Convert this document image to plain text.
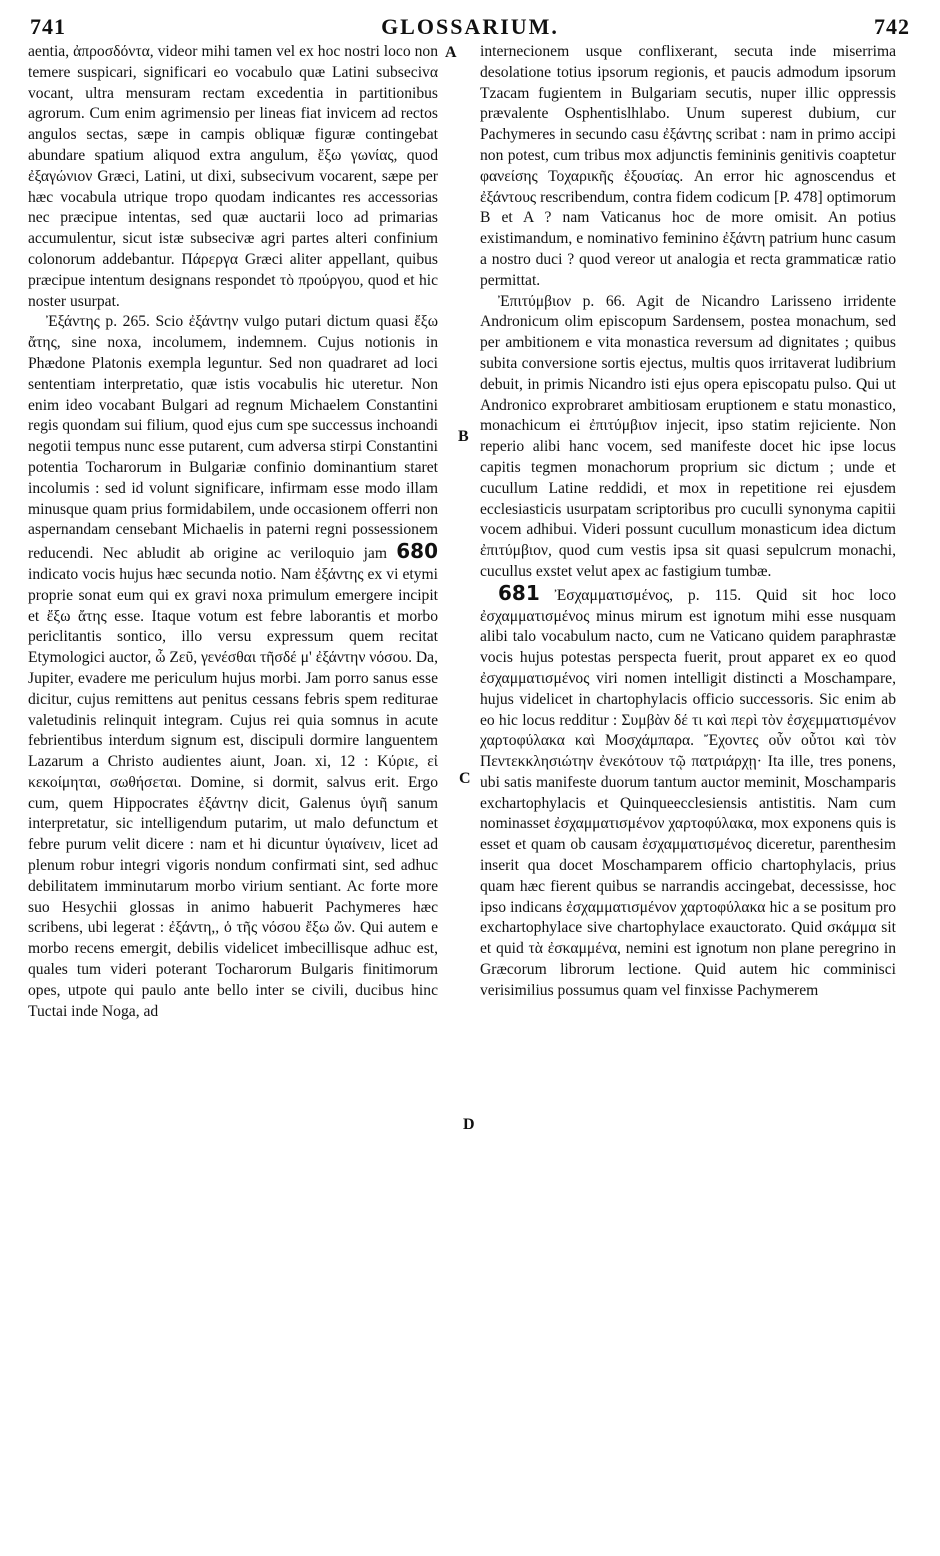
741	GLOSSARIUM.	742
A
B
C
D

aentia, ἀπροσδόντα, videor mihi tamen vel ex hoc nostri loco non temere suspicari, significari eo vocabulo quæ Latini subsecivα vocant, ultra mensuram rectam excedentia in partitionibus agrorum. Cum enim agrimensio per lineas fiat invicem ad rectos angulos sectas, sæpe in campis obliquæ figuræ contingebat abundare spatium aliquod extra angulum, ἔξω γωνίας, quod ἐξαγώνιον Græci, Latini, ut dixi, subsecivum vocarent, sæpe per hæc vocabula utrique tropo quodam indicantes res accessorias nec præcipue intentas, sed quæ auctarii loco ad primarias accumulentur, sicut istæ subsecivæ agri partes alteri confinium colonorum addebantur. Πάρεργα Græci aliter appellant, quibus præcipue intentum designans respondet τὸ προύργου, quod et hic noster usurpat.

Ἐξάντης p. 265. Scio ἐξάντην vulgo putari dictum quasi ἔξω ἄτης, sine noxa, incolumem, indemnem. Cujus notionis in Phædone Platonis exempla leguntur. Sed non quadraret ad loci sententiam interpretatio, quæ istis vocabulis hic uteretur. Non enim ideo vocabant Bulgari ad regnum Michaelem Constantini regis quondam sui filium, quod ejus cum spe successus inchoandi negotii tempus nunc esse putarent, cum adversa stirpi Constantini potentia Tocharorum in Bulgariæ confinio dominantium staret incolumis : sed id volunt significare, infirmam esse modo illam minusque quam prius formidabilem, unde occasionem offerri non aspernandam censebant Michaelis in paterni regni possessionem reducendi. Nec abludit ab origine ac veriloquio jam 680 indicato vocis hujus hæc secunda notio. Nam ἐξάντης ex vi etymi proprie sonat eum qui ex gravi noxa primulum emergere incipit et ἔξω ἄτης esse. Itaque votum est febre laborantis et morbo periclitantis sontico, illo versu expressum quem recitat Etymologici auctor, ὦ Ζεῦ, γενέσθαι τῆσδέ μ' ἐξάντην νόσου. Da, Jupiter, evadere me periculum hujus morbi. Jam porro sanus esse dicitur, cujus remittens aut penitus cessans febris spem rediturae valetudinis relinquit integram. Cujus rei quia somnus in acute febrientibus interdum signum est, discipuli dormire languentem Lazarum a Christo audientes aiunt, Joan. xi, 12 : Κύριε, εἰ κεκοίμηται, σωθήσεται. Domine, si dormit, salvus erit. Ergo cum, quem Hippocrates ἐξάντην dicit, Galenus ὑγιῆ sanum interpretatur, sic intelligendum putarim, ut malo defunctum et febre purum velit dicere : nam et hi dicuntur ὑγιαίνειν, licet ad plenum robur integri vigoris nondum confirmati sint, sed adhuc debilitatem imminutarum morbo virium sentiant. Ac forte more suo Hesychii glossas in animo habuerit Pachymeres hæc scribens, ubi legerat : ἐξάντη,, ὁ τῆς νόσου ἔξω ὤν. Qui autem e morbo recens emergit, debilis videlicet imbecillisque adhuc est, quales tum videri poterant Tocharorum Bulgaris finitimorum opes, utpote qui paulo ante bello inter se civili, ducibus hinc Tuctai inde Noga, ad

internecionem usque conflixerant, secuta inde miserrima desolatione totius ipsorum regionis, et paucis admodum ipsorum Tzacam fugientem in Bulgariam secutis, nuper illic oppressis prævalente Osphentislhlabo. Unum superest dubium, cur Pachymeres in secundo casu ἐξάντης scribat : nam in primo accipi non potest, cum tribus mox adjunctis femininis genitivis coaptetur φανείσης Τοχαρικῆς ἐξουσίας. An error hic agnoscendus et ἐξάντους rescribendum, contra fidem codicum [P. 478] optimorum B et A ? nam Vaticanus hoc de more omisit. An potius existimandum, e nominativo feminino ἐξάντη patrium hunc casum a nostro duci ? quod vereor ut analogia et recta grammaticæ ratio permittat.

Ἐπιτύμβιον p. 66. Agit de Nicandro Larisseno irridente Andronicum olim episcopum Sardensem, postea monachum, sed per ambitionem e vita monastica reversum ad dignitates ; quibus subita conversione sortis ejectus, multis quos irritaverat ludibrium debuit, in primis Nicandro isti ejus opera episcopatu pulso. Qui ut Andronico exprobraret ambitiosam eruptionem e statu monastico, monachicum ei ἐπιτύμβιον injecit, ipso statim rejiciente. Non reperio alibi hanc vocem, sed manifeste docet hic ipse locus capitis tegmen monachorum proprium sic dictum ; unde et cucullum Latine reddidi, et mox in repetitione rei ejusdem ecclesiasticis usurpatam scriptoribus pro cuculli synonyma capitii vocem adhibui. Videri possunt cucullum monasticum idea dictum ἐπιτύμβιον, quod cum vestis ipsa sit quasi sepulcrum monachi, cucullus exstet velut apex ac fastigium tumbæ.

681 Ἐσχαμματισμένος, p. 115. Quid sit hoc loco ἐσχαμματισμένος minus mirum est ignotum mihi esse nusquam alibi talo vocabulum nacto, cum ne Vaticano quidem paraphrastæ vocis hujus potestas perspecta fuerit, prout apparet ex eo quod ἐσχαμματισμένος viri nomen intelligit distincti a Moschampare, hujus videlicet in chartophylacis officio successoris. Sic enim ab eo hic locus redditur : Συμβὰν δέ τι καὶ περὶ τὸν ἐσχεμματισμένον χαρτοφύλακα καὶ Μοσχάμπαρα. Ἔχοντες οὖν οὗτοι καὶ τὸν Πεντεκκλησιώτην ἐνεκότουν τῷ πατριάρχῃ· Ita ille, tres ponens, ubi satis manifeste duorum tantum auctor meminit, Moschamparis exchartophylacis et Quinqueecclesiensis antistitis. Nam cum nominasset ἐσχαμματισμένον χαρτοφύλακα, mox exponens quis is esset et quam ob causam ἐσχαμματισμένος diceretur, parenthesim inserit qua docet Moschamparem officio chartophylacis, prius quam hæc fierent quibus se narrandis accingebat, decessisse, hoc ipso indicans ἐσχαμματισμένον χαρτοφύλακα hic a se positum pro exchartophylace sive chartophylace exauctorato. Quid σκάμμα sit et quid τὰ ἐσκαμμένα, nemini est ignotum non plane peregrino in Græcorum librorum lectione. Quid autem hic comminisci verisimilius possumus quam vel finxisse Pachymerem
